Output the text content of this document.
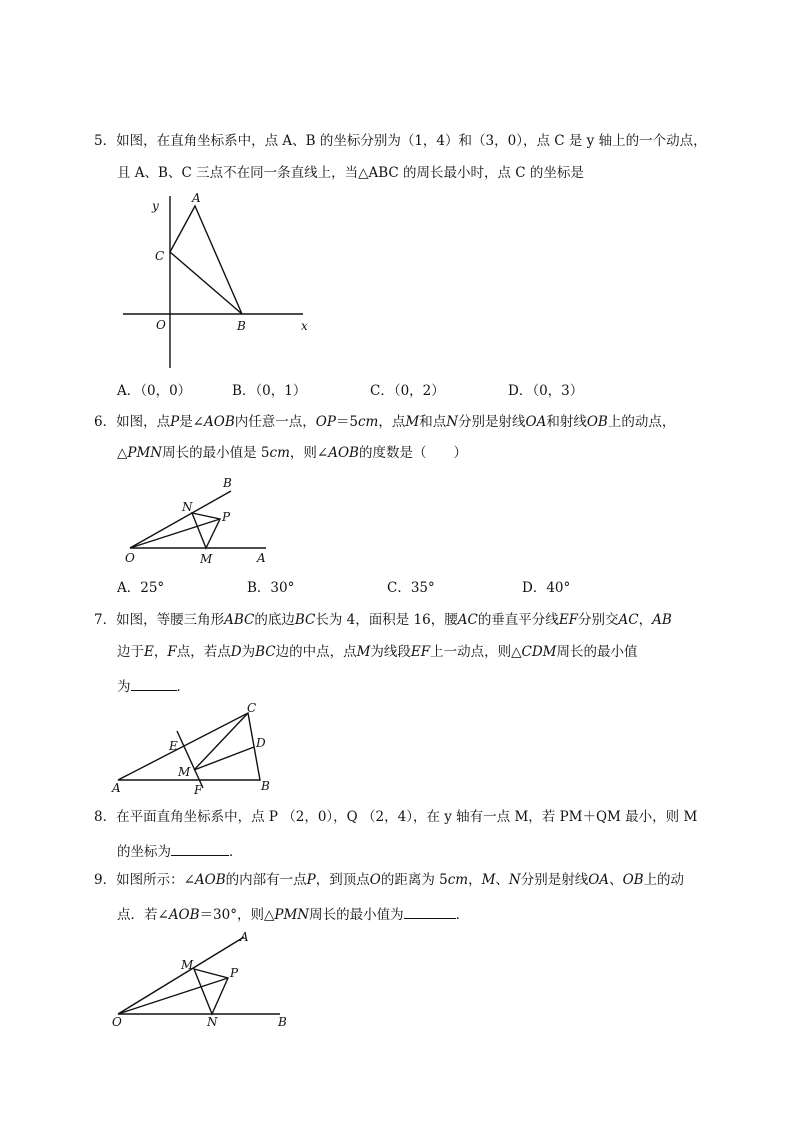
5．如图，在直角坐标系中，点 A、B 的坐标分别为（1，4）和（3，0），点 C 是 y 轴上的一个动点，
且 A、B、C 三点不在同一条直线上，当△ABC 的周长最小时，点 C 的坐标是
y
x
A
B
C
O
A．（0，0）	B．（0，1）	C．（0，2）	D．（0，3）
6．如图，点P是∠AOB内任意一点，OP＝5cm，点M和点N分别是射线OA和射线OB上的动点，
△PMN周长的最小值是 5cm，则∠AOB的度数是（　　）
B
N
P
O	M	A
A．25°	B．30°	C．35°	D．40°
7．如图，等腰三角形ABC的底边BC长为 4，面积是 16，腰AC的垂直平分线EF分别交AC，AB
边于E，F点，若点D为BC边的中点，点M为线段EF上一动点，则△CDM周长的最小值
为	．
C
E	D
M
A	F	B
8．在平面直角坐标系中，点 P （2，0），Q （2，4），在 y 轴有一点 M，若 PM＋QM 最小，则 M
的坐标为	．
9．如图所示：∠AOB的内部有一点P，到顶点O的距离为 5cm，M、N分别是射线OA、OB上的动
点．若∠AOB＝30°，则△PMN周长的最小值为	．
A
M
P
O	N	B
